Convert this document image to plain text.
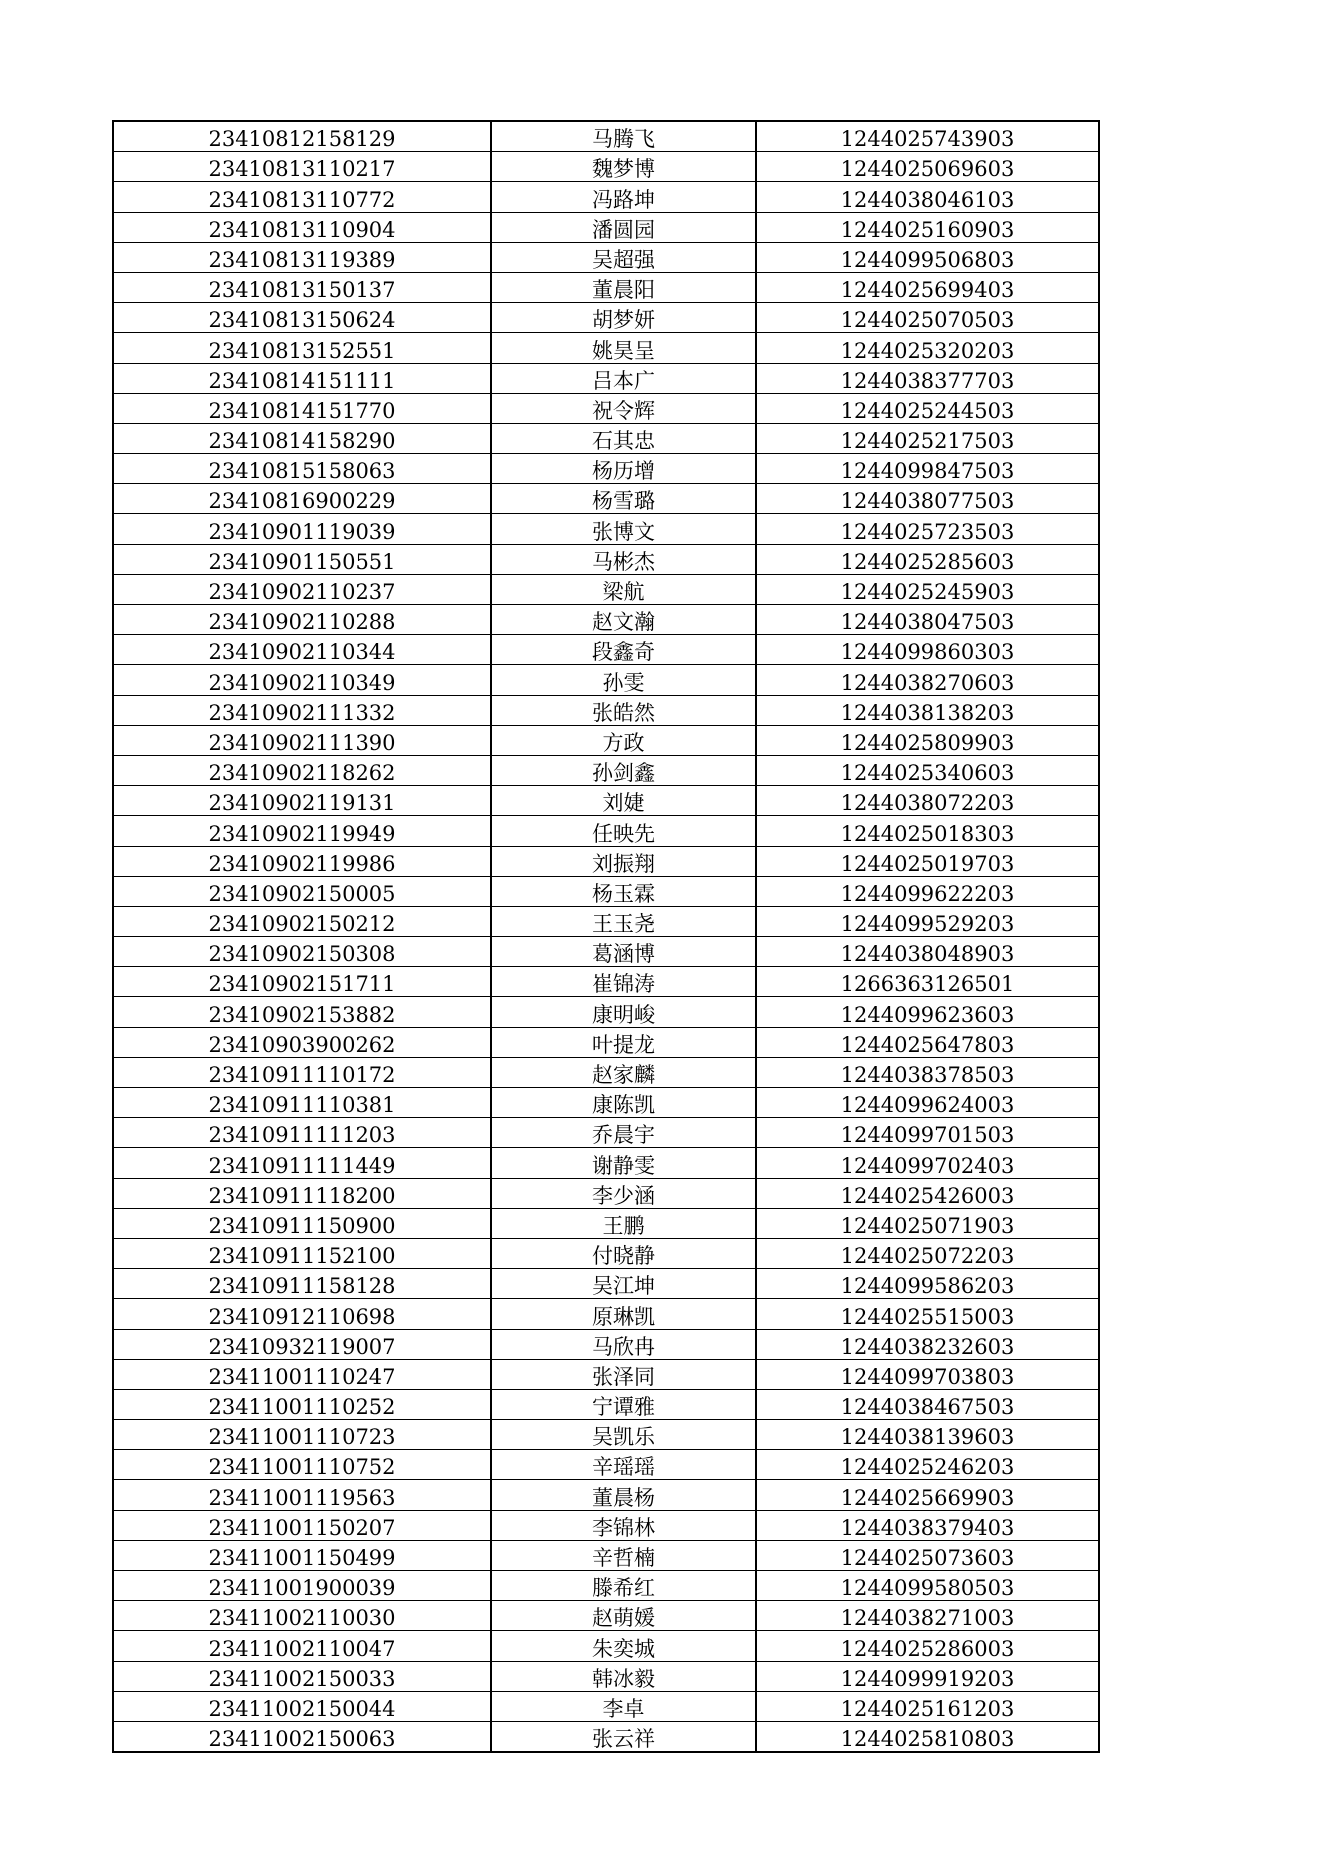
23410812158129	马腾飞	1244025743903
23410813110217	魏梦博	1244025069603
23410813110772	冯路坤	1244038046103
23410813110904	潘圆园	1244025160903
23410813119389	吴超强	1244099506803
23410813150137	董晨阳	1244025699403
23410813150624	胡梦妍	1244025070503
23410813152551	姚昊呈	1244025320203
23410814151111	吕本广	1244038377703
23410814151770	祝令辉	1244025244503
23410814158290	石其忠	1244025217503
23410815158063	杨历增	1244099847503
23410816900229	杨雪璐	1244038077503
23410901119039	张博文	1244025723503
23410901150551	马彬杰	1244025285603
23410902110237	梁航	1244025245903
23410902110288	赵文瀚	1244038047503
23410902110344	段鑫奇	1244099860303
23410902110349	孙雯	1244038270603
23410902111332	张皓然	1244038138203
23410902111390	方政	1244025809903
23410902118262	孙剑鑫	1244025340603
23410902119131	刘婕	1244038072203
23410902119949	任映先	1244025018303
23410902119986	刘振翔	1244025019703
23410902150005	杨玉霖	1244099622203
23410902150212	王玉尧	1244099529203
23410902150308	葛涵博	1244038048903
23410902151711	崔锦涛	1266363126501
23410902153882	康明峻	1244099623603
23410903900262	叶提龙	1244025647803
23410911110172	赵家麟	1244038378503
23410911110381	康陈凯	1244099624003
23410911111203	乔晨宇	1244099701503
23410911111449	谢静雯	1244099702403
23410911118200	李少涵	1244025426003
23410911150900	王鹏	1244025071903
23410911152100	付晓静	1244025072203
23410911158128	吴江坤	1244099586203
23410912110698	原琳凯	1244025515003
23410932119007	马欣冉	1244038232603
23411001110247	张泽同	1244099703803
23411001110252	宁谭雅	1244038467503
23411001110723	吴凯乐	1244038139603
23411001110752	辛瑶瑶	1244025246203
23411001119563	董晨杨	1244025669903
23411001150207	李锦林	1244038379403
23411001150499	辛哲楠	1244025073603
23411001900039	滕希红	1244099580503
23411002110030	赵萌媛	1244038271003
23411002110047	朱奕城	1244025286003
23411002150033	韩冰毅	1244099919203
23411002150044	李卓	1244025161203
23411002150063	张云祥	1244025810803
